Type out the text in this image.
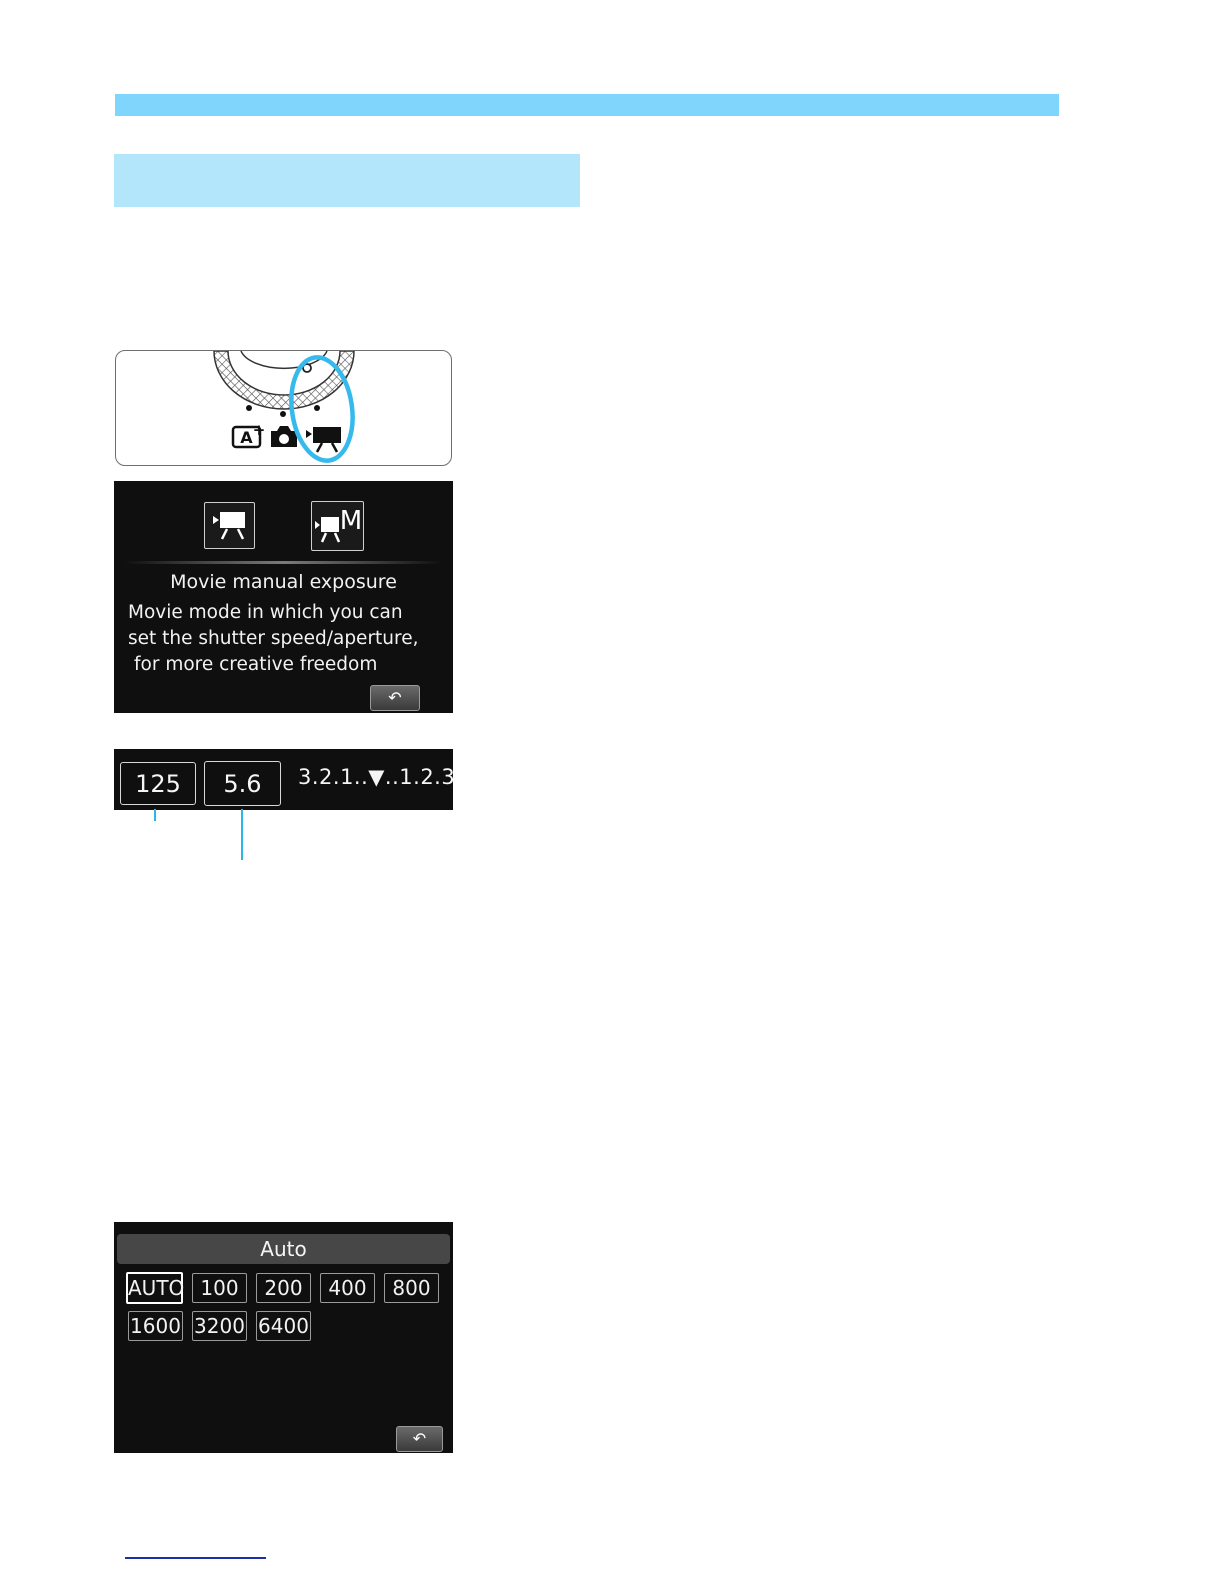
A +
M
Movie manual exposure
Movie mode in which you can
set the shutter speed/aperture,
for more creative freedom
↶
125	5.6	3.2.1..▼..1.2.3
Auto
AUTO 100	200	400	800
1600 3200 6400
↶
